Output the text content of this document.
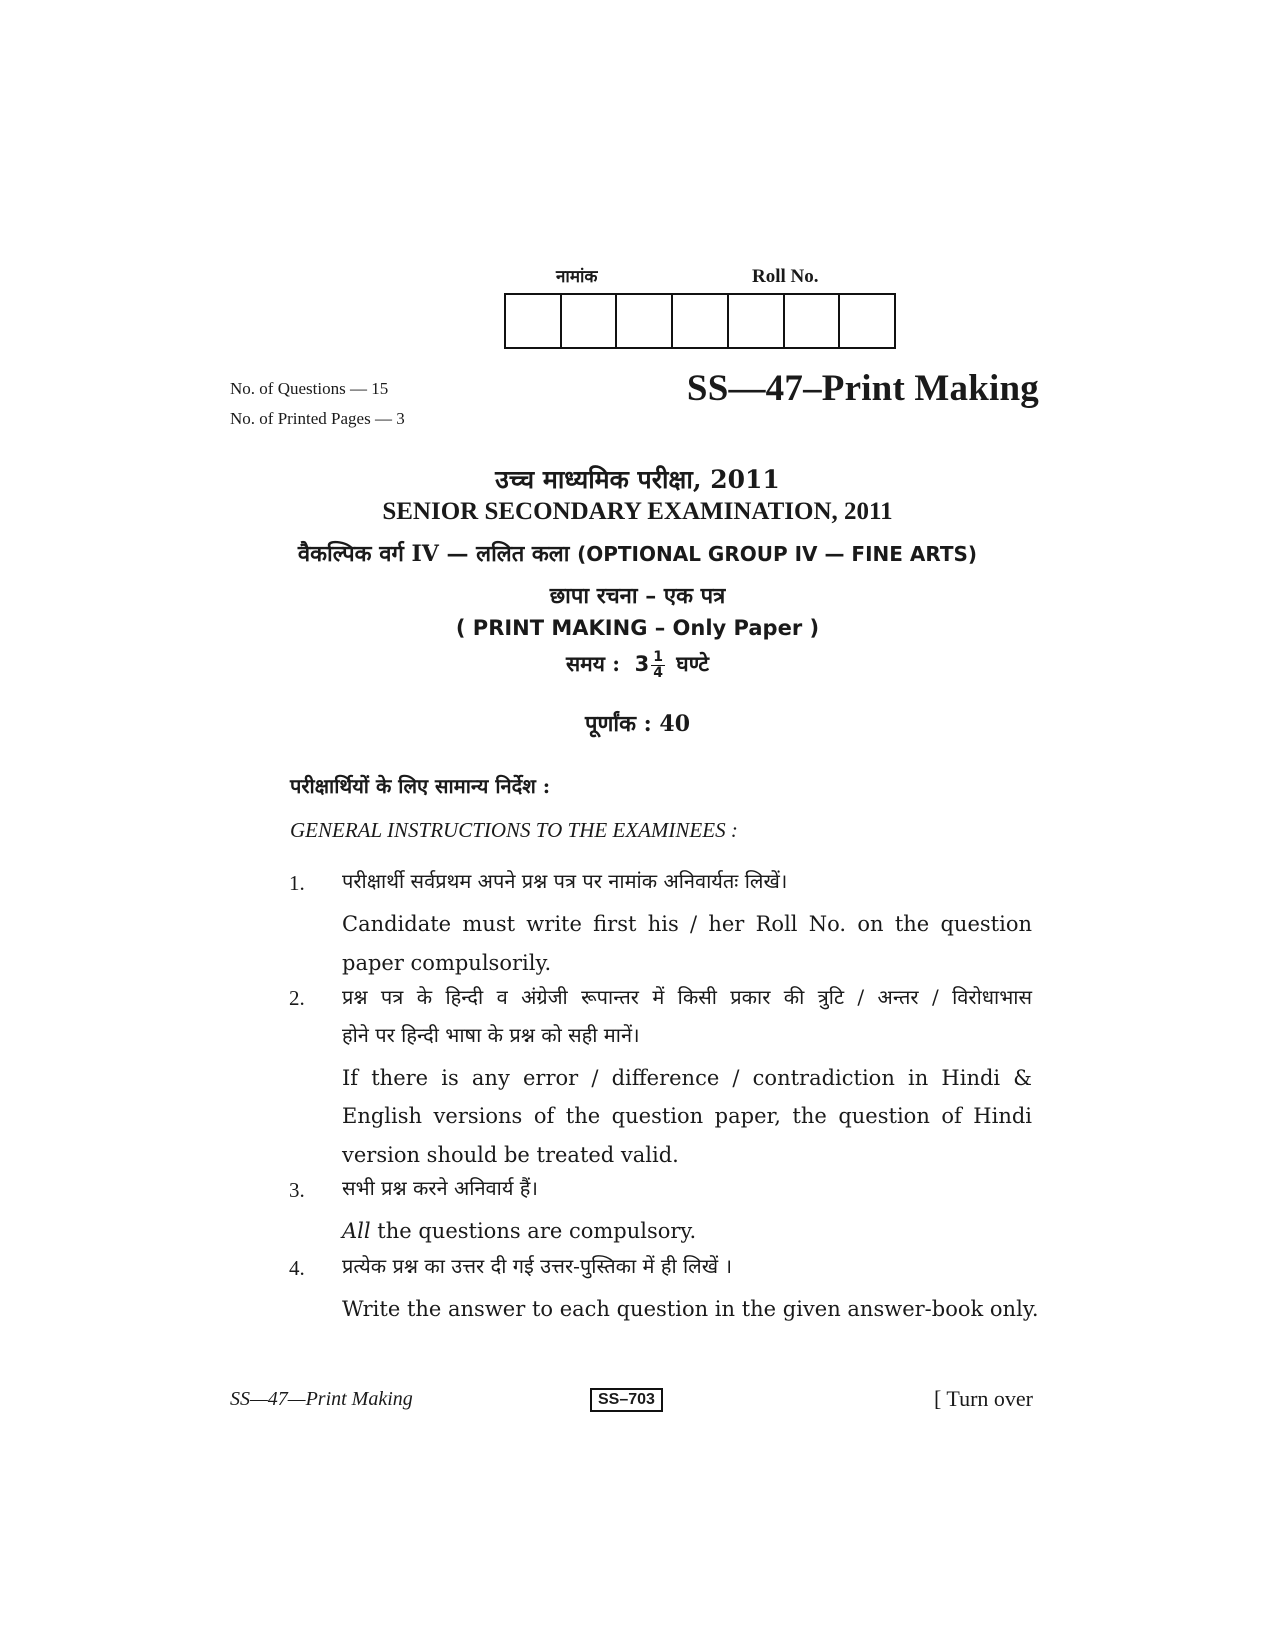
नामांक	Roll No.
No. of Questions — 15
No. of Printed Pages — 3
SS—47–Print Making
उच्च माध्यमिक परीक्षा, 2011
SENIOR SECONDARY EXAMINATION, 2011
वैकल्पिक वर्ग IV — ललित कला (OPTIONAL GROUP IV — FINE ARTS)
छापा रचना – एक पत्र
( PRINT MAKING – Only Paper )
समय : $3 \frac{1}{4}$ घण्टे
पूर्णांक : 40
परीक्षार्थियों के लिए सामान्य निर्देश :
GENERAL INSTRUCTIONS TO THE EXAMINEES :
1. परीक्षार्थी सर्वप्रथम अपने प्रश्न पत्र पर नामांक अनिवार्यतः लिखें।
Candidate must write first his / her Roll No. on the question
paper compulsorily.
2. प्रश्न पत्र के हिन्दी व अंग्रेजी रूपान्तर में किसी प्रकार की त्रुटि / अन्तर / विरोधाभास
होने पर हिन्दी भाषा के प्रश्न को सही मानें।
If there is any error / difference / contradiction in Hindi &
English versions of the question paper, the question of Hindi
version should be treated valid.
3. सभी प्रश्न करने अनिवार्य हैं।
All the questions are compulsory.
4. प्रत्येक प्रश्न का उत्तर दी गई उत्तर-पुस्तिका में ही लिखें ।
Write the answer to each question in the given answer-book only.
SS—47—Print Making	SS–703	[ Turn over
